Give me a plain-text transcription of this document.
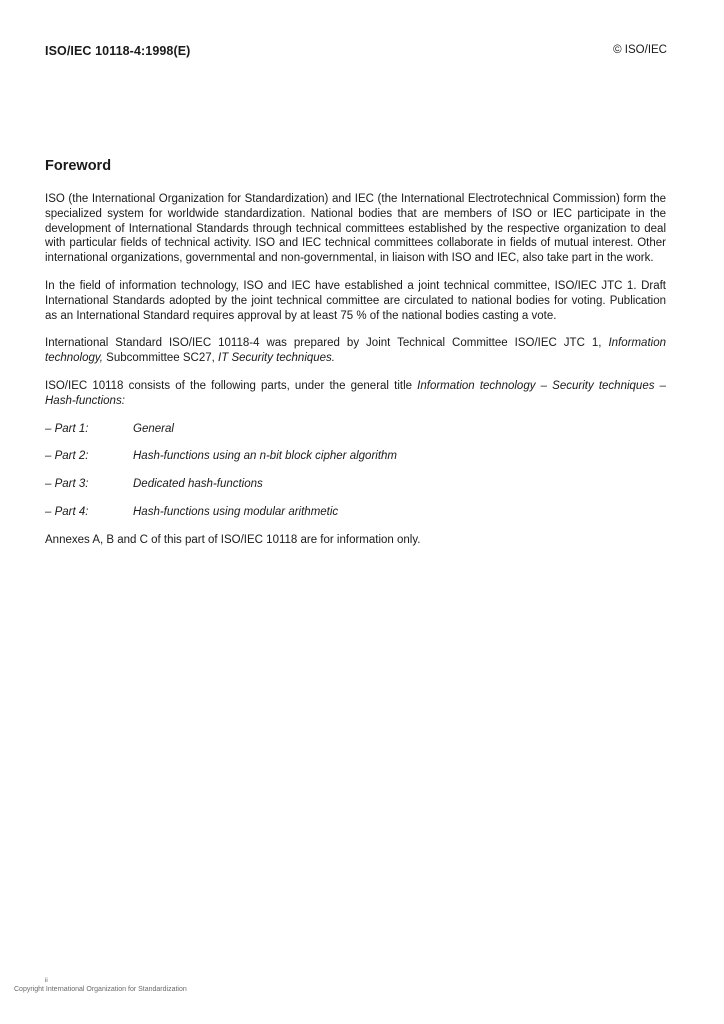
ISO/IEC 10118-4:1998(E)	© ISO/IEC
Foreword

ISO (the International Organization for Standardization) and IEC (the International Electrotechnical Commission) form the specialized system for worldwide standardization. National bodies that are members of ISO or IEC participate in the development of International Standards through technical committees established by the respective organization to deal with particular fields of technical activity. ISO and IEC technical committees collaborate in fields of mutual interest. Other international organizations, governmental and non-governmental, in liaison with ISO and IEC, also take part in the work.

In the field of information technology, ISO and IEC have established a joint technical committee, ISO/IEC JTC 1. Draft International Standards adopted by the joint technical committee are circulated to national bodies for voting. Publication as an International Standard requires approval by at least 75 % of the national bodies casting a vote.

International Standard ISO/IEC 10118-4 was prepared by Joint Technical Committee ISO/IEC JTC 1, Information technology, Subcommittee SC27, IT Security techniques.

ISO/IEC 10118 consists of the following parts, under the general title Information technology – Security techniques – Hash-functions:

– Part 1:	General
– Part 2:	Hash-functions using an n-bit block cipher algorithm
– Part 3:	Dedicated hash-functions
– Part 4:	Hash-functions using modular arithmetic

Annexes A, B and C of this part of ISO/IEC 10118 are for information only.

ii
Copyright International Organization for Standardization
